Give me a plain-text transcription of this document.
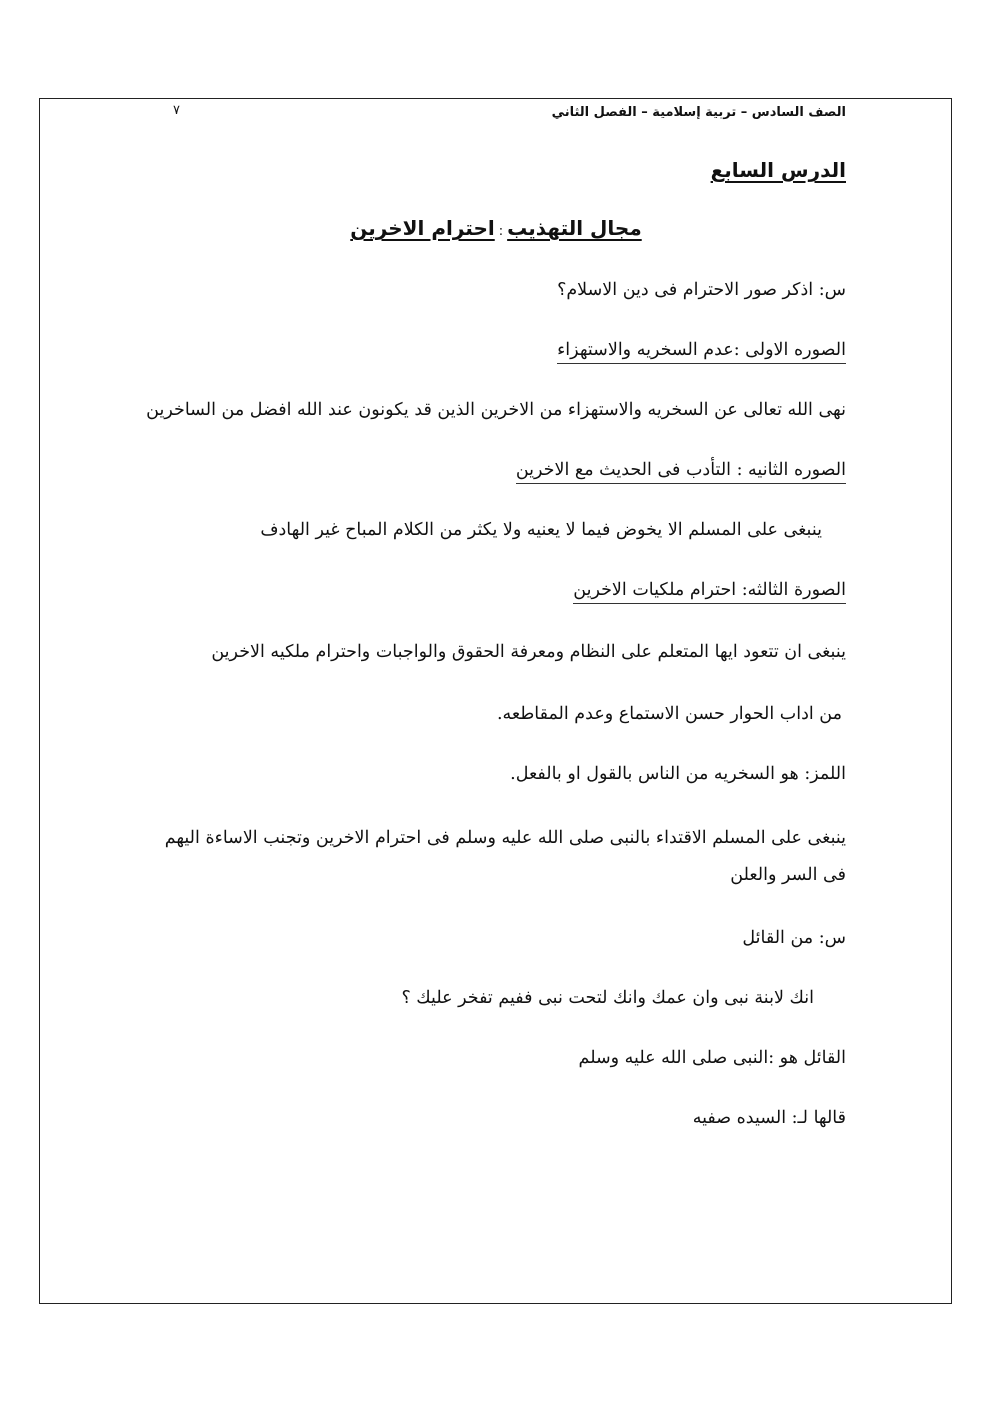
الصف السادس – تربية إسلامية – الفصل الثاني
٧
الدرس السابع
مجال التهذيب:احترام الاخرين
س: اذكر صور الاحترام فى دين الاسلام؟
الصوره الاولى :عدم السخريه والاستهزاء
نهى الله تعالى عن السخريه والاستهزاء من الاخرين الذين قد يكونون عند الله افضل من الساخرين
الصوره الثانيه : التأدب فى الحديث مع الاخرين
ينبغى على المسلم الا يخوض فيما لا يعنيه ولا يكثر من الكلام المباح غير الهادف
الصورة الثالثه: احترام ملكيات الاخرين
ينبغى ان تتعود ايها المتعلم على النظام ومعرفة الحقوق والواجبات واحترام ملكيه الاخرين
من اداب الحوار حسن الاستماع وعدم المقاطعه.
اللمز: هو السخريه من الناس بالقول او بالفعل.
ينبغى على المسلم الاقتداء بالنبى صلى الله عليه وسلم فى احترام الاخرين وتجنب الاساءة اليهم فى السر والعلن
س: من القائل
انك لابنة نبى وان عمك وانك لتحت نبى ففيم تفخر عليك ؟
القائل هو :النبى صلى الله عليه وسلم
قالها لـ: السيده صفيه
